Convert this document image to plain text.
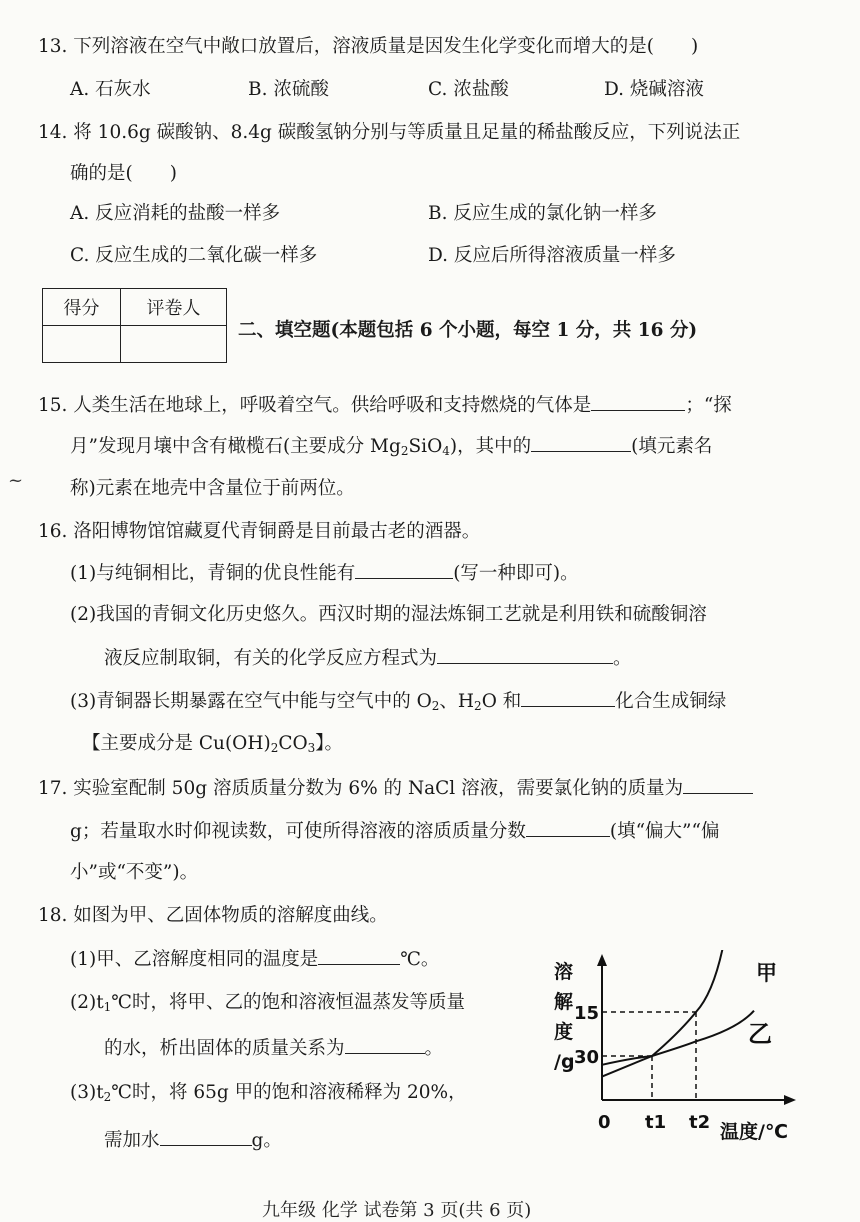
13. 下列溶液在空气中敞口放置后，溶液质量是因发生化学变化而增大的是(　　)
A. 石灰水	B. 浓硫酸	C. 浓盐酸	D. 烧碱溶液
14. 将 10.6g 碳酸钠、8.4g 碳酸氢钠分别与等质量且足量的稀盐酸反应，下列说法正
确的是(　　)
A. 反应消耗的盐酸一样多	B. 反应生成的氯化钠一样多
C. 反应生成的二氧化碳一样多	D. 反应后所得溶液质量一样多
得分	评卷人

二、填空题(本题包括 6 个小题，每空 1 分，共 16 分)
15. 人类生活在地球上，呼吸着空气。供给呼吸和支持燃烧的气体是	；“探
月”发现月壤中含有橄榄石(主要成分 $Mg_2SiO_4$)，其中的	(填元素名
称)元素在地壳中含量位于前两位。
16. 洛阳博物馆馆藏夏代青铜爵是目前最古老的酒器。
(1)与纯铜相比，青铜的优良性能有	(写一种即可)。
(2)我国的青铜文化历史悠久。西汉时期的湿法炼铜工艺就是利用铁和硫酸铜溶
液反应制取铜，有关的化学反应方程式为	。
(3)青铜器长期暴露在空气中能与空气中的 $O_2$、$H_2O$ 和	化合生成铜绿
【主要成分是 $Cu(OH)_2CO_3$】。
17. 实验室配制 50g 溶质质量分数为 6% 的 NaCl 溶液，需要氯化钠的质量为
g；若量取水时仰视读数，可使所得溶液的溶质质量分数	(填“偏大”“偏
小”或“不变”)。
18. 如图为甲、乙固体物质的溶解度曲线。
(1)甲、乙溶解度相同的温度是	℃。
$(2)t_1℃$时，将甲、乙的饱和溶液恒温蒸发等质量
的水，析出固体的质量关系为	。
$(3)t_2℃$时，将 65g 甲的饱和溶液稀释为 20%，
需加水	g。
溶
解
度
/g
温度/℃
15
30
0 t1 t2
甲
乙
~
九年级 化学 试卷第 3 页(共 6 页)
